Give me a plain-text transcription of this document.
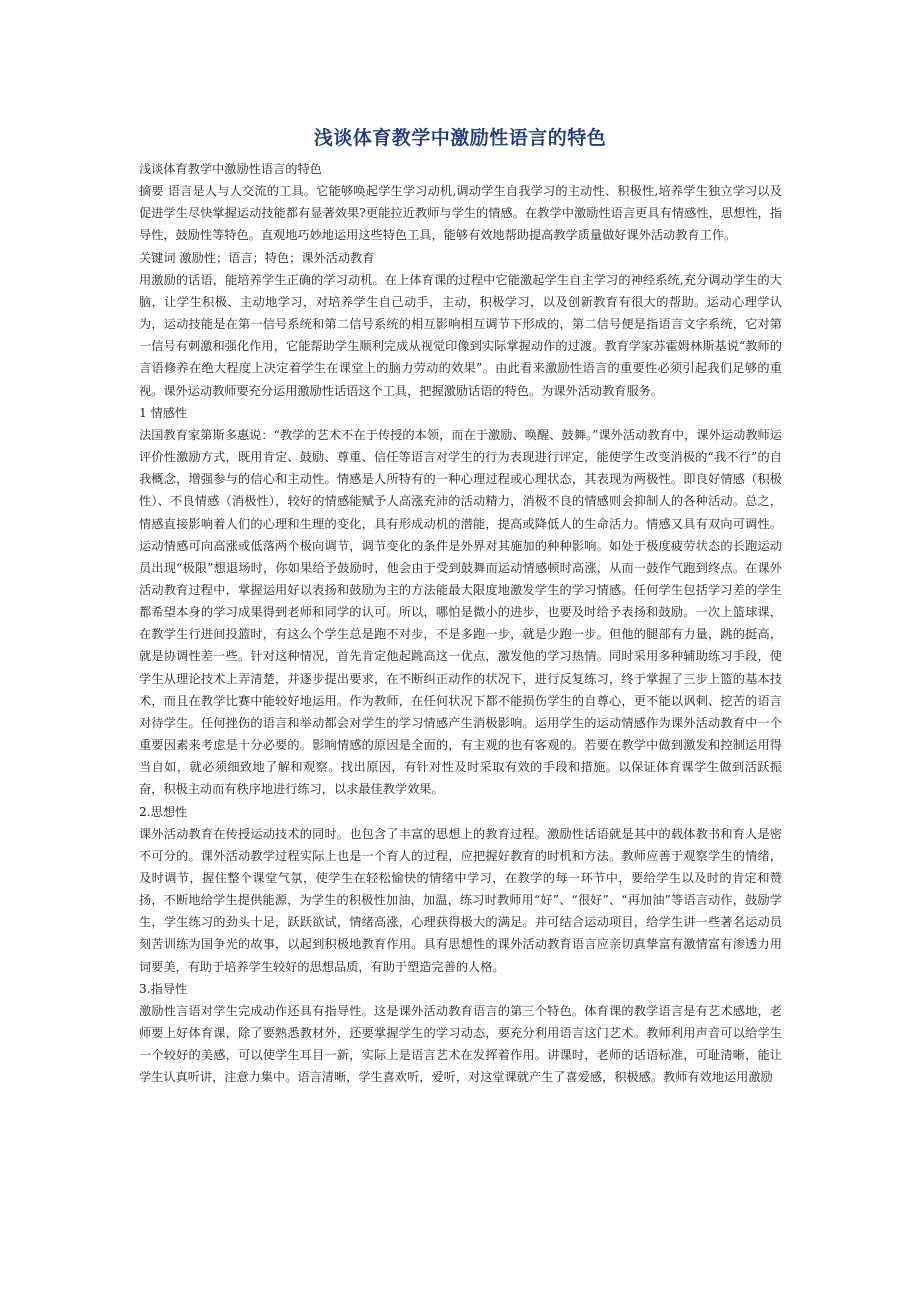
浅谈体育教学中激励性语言的特色

浅谈体育教学中激励性语言的特色

摘要 语言是人与人交流的工具。它能够唤起学生学习动机,调动学生自我学习的主动性、积极性,培养学生独立学习以及促进学生尽快掌握运动技能都有显著效果?更能拉近教师与学生的情感。在教学中激励性语言更具有情感性，思想性，指导性，鼓励性等特色。直观地巧妙地运用这些特色工具，能够有效地帮助提高教学质量做好课外活动教育工作。

关键词 激励性；语言；特色；课外活动教育

用激励的话语，能培养学生正确的学习动机。在上体育课的过程中它能激起学生自主学习的神经系统,充分调动学生的大脑，让学生积极、主动地学习，对培养学生自己动手，主动，积极学习，以及创新教育有很大的帮助。运动心理学认为，运动技能是在第一信号系统和第二信号系统的相互影响相互调节下形成的，第二信号便是指语言文字系统，它对第一信号有刺激和强化作用，它能帮助学生顺利完成从视觉印像到实际掌握动作的过渡。教育学家苏霍姆林斯基说“教师的言语修养在绝大程度上决定着学生在课堂上的脑力劳动的效果”。由此看来激励性语言的重要性必须引起我们足够的重视。课外运动教师要充分运用激励性话语这个工具，把握激励话语的特色。为课外活动教育服务。

1 情感性

法国教育家第斯多惠说：“教学的艺术不在于传授的本领，而在于激励、唤醒、鼓舞。”课外活动教育中，课外运动教师运评价性激励方式，既用肯定、鼓励、尊重、信任等语言对学生的行为表现进行评定，能使学生改变消极的“我不行”的自我概念，增强参与的信心和主动性。情感是人所特有的一种心理过程或心理状态，其表现为两极性。即良好情感（积极性）、不良情感（消极性），较好的情感能赋予人高涨充沛的活动精力，消极不良的情感则会抑制人的各种活动。总之，情感直接影响着人们的心理和生理的变化，具有形成动机的潜能，提高或降低人的生命活力。情感又具有双向可调性。运动情感可向高涨或低落两个极向调节，调节变化的条件是外界对其施加的种种影响。如处于极度疲劳状态的长跑运动员出现“极限”想退场时，你如果给予鼓励时，他会由于受到鼓舞而运动情感顿时高涨，从而一鼓作气跑到终点。在课外活动教育过程中，掌握运用好以表扬和鼓励为主的方法能最大限度地激发学生的学习情感。任何学生包括学习差的学生都希望本身的学习成果得到老师和同学的认可。所以，哪怕是微小的进步，也要及时给予表扬和鼓励。一次上篮球课，在教学生行进间投篮时，有这么个学生总是跑不对步，不是多跑一步，就是少跑一步。但他的腿部有力量，跳的挺高，就是协调性差一些。针对这种情况，首先肯定他起跳高这一优点，激发他的学习热情。同时采用多种辅助练习手段，使学生从理论技术上弄清楚，并逐步提出要求，在不断纠正动作的状况下，进行反复练习，终于掌握了三步上篮的基本技术，而且在教学比赛中能较好地运用。作为教师，在任何状况下都不能损伤学生的自尊心，更不能以讽刺、挖苦的语言对待学生。任何挫伤的语言和举动都会对学生的学习情感产生消极影响。运用学生的运动情感作为课外活动教育中一个重要因素来考虑是十分必要的。影响情感的原因是全面的，有主观的也有客观的。若要在教学中做到激发和控制运用得当自如，就必须细致地了解和观察。找出原因，有针对性及时采取有效的手段和措施。以保证体育课学生做到活跃振奋，积极主动而有秩序地进行练习，以求最佳教学效果。

2.思想性

课外活动教育在传授运动技术的同时。也包含了丰富的思想上的教育过程。激励性话语就是其中的载体教书和育人是密不可分的。课外活动教学过程实际上也是一个育人的过程，应把握好教育的时机和方法。教师应善于观察学生的情绪，及时调节，握住整个课堂气氛，使学生在轻松愉快的情绪中学习，在教学的每一环节中，要给学生以及时的肯定和赞扬，不断地给学生提供能源，为学生的积极性加油，加温，练习时教师用“好”、“很好”、“再加油”等语言动作，鼓励学生，学生练习的劲头十足，跃跃欲试，情绪高涨，心理获得极大的满足。并可结合运动项目，给学生讲一些著名运动员刻苦训练为国争光的故事，以起到积极地教育作用。具有思想性的课外活动教育语言应亲切真挚富有激情富有渗透力用词要美，有助于培养学生较好的思想品质，有助于塑造完善的人格。

3.指导性

激励性言语对学生完成动作还具有指导性。这是课外活动教育语言的第三个特色。体育课的教学语言是有艺术感地，老师要上好体育课，除了要熟悉教材外，还要掌握学生的学习动态，要充分利用语言这门艺术。教师利用声音可以给学生一个较好的美感，可以使学生耳目一新，实际上是语言艺术在发挥着作用。讲课时，老师的话语标准，可耻清晰，能让学生认真听讲，注意力集中。语言清晰，学生喜欢听，爱听，对这堂课就产生了喜爱感，积极感。教师有效地运用激励
